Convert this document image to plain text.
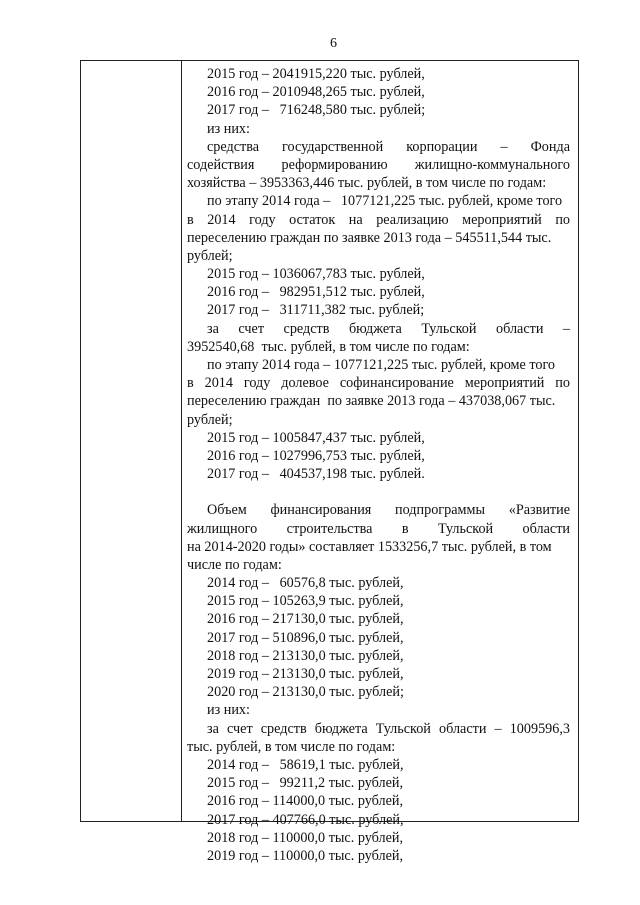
6
2015 год – 2041915,220 тыс. рублей,
2016 год – 2010948,265 тыс. рублей,
2017 год –   716248,580 тыс. рублей;
из них:
средства государственной корпорации – Фонда
содействия реформированию жилищно-коммунального
хозяйства – 3953363,446 тыс. рублей, в том числе по годам:
по этапу 2014 года –   1077121,225 тыс. рублей, кроме того
в 2014 году остаток на реализацию мероприятий по
переселению граждан по заявке 2013 года – 545511,544 тыс.
рублей;
2015 год – 1036067,783 тыс. рублей,
2016 год –   982951,512 тыс. рублей,
2017 год –   311711,382 тыс. рублей;
за счет средств бюджета Тульской области –
3952540,68  тыс. рублей, в том числе по годам:
по этапу 2014 года – 1077121,225 тыс. рублей, кроме того
в 2014 году долевое софинансирование мероприятий по
переселению граждан  по заявке 2013 года – 437038,067 тыс.
рублей;
2015 год – 1005847,437 тыс. рублей,
2016 год – 1027996,753 тыс. рублей,
2017 год –   404537,198 тыс. рублей.
Объем финансирования подпрограммы «Развитие
жилищного строительства в Тульской области
на 2014-2020 годы» составляет 1533256,7 тыс. рублей, в том
числе по годам:
2014 год –   60576,8 тыс. рублей,
2015 год – 105263,9 тыс. рублей,
2016 год – 217130,0 тыс. рублей,
2017 год – 510896,0 тыс. рублей,
2018 год – 213130,0 тыс. рублей,
2019 год – 213130,0 тыс. рублей,
2020 год – 213130,0 тыс. рублей;
из них:
за счет средств бюджета Тульской области – 1009596,3
тыс. рублей, в том числе по годам:
2014 год –   58619,1 тыс. рублей,
2015 год –   99211,2 тыс. рублей,
2016 год – 114000,0 тыс. рублей,
2017 год – 407766,0 тыс. рублей,
2018 год – 110000,0 тыс. рублей,
2019 год – 110000,0 тыс. рублей,
